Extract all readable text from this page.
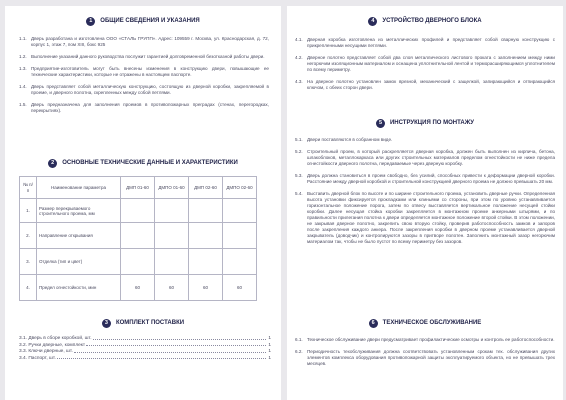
1	ОБЩИЕ СВЕДЕНИЯ И УКАЗАНИЯ
1.1. Дверь разработана и изготовлена ООО «СТАЛЬ ГРУПП». Адрес: 109559 г. Москва, ул. Краснодарская, д. 72, корпус 1, этаж 7, пом XIII, бокс 925
1.2. Выполнение указаний данного руководства послужит гарантией долговременной безотказной работы двери.
1.3. Предприятие-изготовитель могут быть внесены изменения в конструкцию двери, повышающие ее технические характеристики, которые не отражены в настоящем паспорте.
1.4. Дверь представляет собой металлическую конструкцию, состоящую из дверной коробки, закрепляемой в проеме, и дверного полотна, скрепленных между собой петлями.
1.5. Дверь предназначена для заполнения проемов в противопожарных преградах (стенах, перегородках, перекрытиях).
2	ОСНОВНЫЕ ТЕХНИЧЕСКИЕ ДАННЫЕ И ХАРАКТЕРИСТИКИ
№ п/п	Наименование параметра	ДМП 01-60	ДМПО 01-60	ДМП 02-60	ДМПО 02-60
1.	Размер перекрываемого строительного проема, мм				
2.	Направление открывания				
3.	Отделка (тип и цвет)				
4.	Предел огнестойкости, мин	60	60	60	60
3	КОМПЛЕКТ ПОСТАВКИ
3.1. Дверь в сборе коробкой, шт.	1
3.2. Ручки дверные, комплект	1
3.3. Ключи дверные, шт.	1
3.4. Паспорт, шт.	1
4	УСТРОЙСТВО ДВЕРНОГО БЛОКА
4.1. Дверная коробка изготовлена из металлических профилей и представляет собой сварную конструкцию с прикрепленными несущими петлями.
4.2. Дверное полотно представляет собой два слоя металлического листового проката с заполнением между ними негорючим изоляционным материалом и оснащена уплотнительной лентой и терморасширяющимся уплотнителем по всему периметру.
4.3. На дверное полотно установлен замок врезной, механический с защелкой, запирающийся и отпирающийся ключом, с обеих сторон двери.
5	ИНСТРУКЦИЯ ПО МОНТАЖУ
5.1. Двери поставляются в собранном виде.
5.2. Строительный проем, в который раскрепляется дверная коробка, должен быть выполнен из кирпича, бетона, шлакоблоков, металлокаркаса или других строительных материалов пределом огнестойкости не ниже предела огнестойкости дверного полотна, передаваемые через дверную коробку.
5.3. Дверь должна становиться в проем свободно, без усилий, способных привести к деформации дверной коробки. Расстояние между дверной коробкой и строительной конструкцией дверного проема не должно превышать 20 мм.
5.4. Выставить дверной блок по высоте и по ширине строительного проема, установить дверные ручки. Определенная высота установки фиксируется прокладками или клиньями со стороны, при этом по уровню устанавливается горизонтальное положение порога, затем по отвесу выставляется вертикальное положение несущей стойки коробки. Далее несущая стойка коробки закрепляется в монтажном проеме анкерными штырями, и по правильности прилегания полотна к двери определяется монтажное положение второй стойки. В этом положении, не закрывая дверное полотно, закрепить свою вторую стойку, проверив работоспособность замков и запоров после закрепления каждого анкера. После закрепления коробки в дверном проеме устанавливается дверной закрыватель (доводчик) и контролируются зазоры в притворе полотен. Заполнить монтажный зазор негорючим материалом так, чтобы не было пустот по всему периметру без зазоров.
6	ТЕХНИЧЕСКОЕ ОБСЛУЖИВАНИЕ
6.1. Техническое обслуживание двери предусматривает профилактические осмотры и контроль ее работоспособности.
6.2. Периодичность техобслуживания должна соответствовать установленным срокам тех. обслуживания других элементов комплекса оборудования противопожарной защиты эксплуатируемого объекта, но не превышать трех месяцев.
